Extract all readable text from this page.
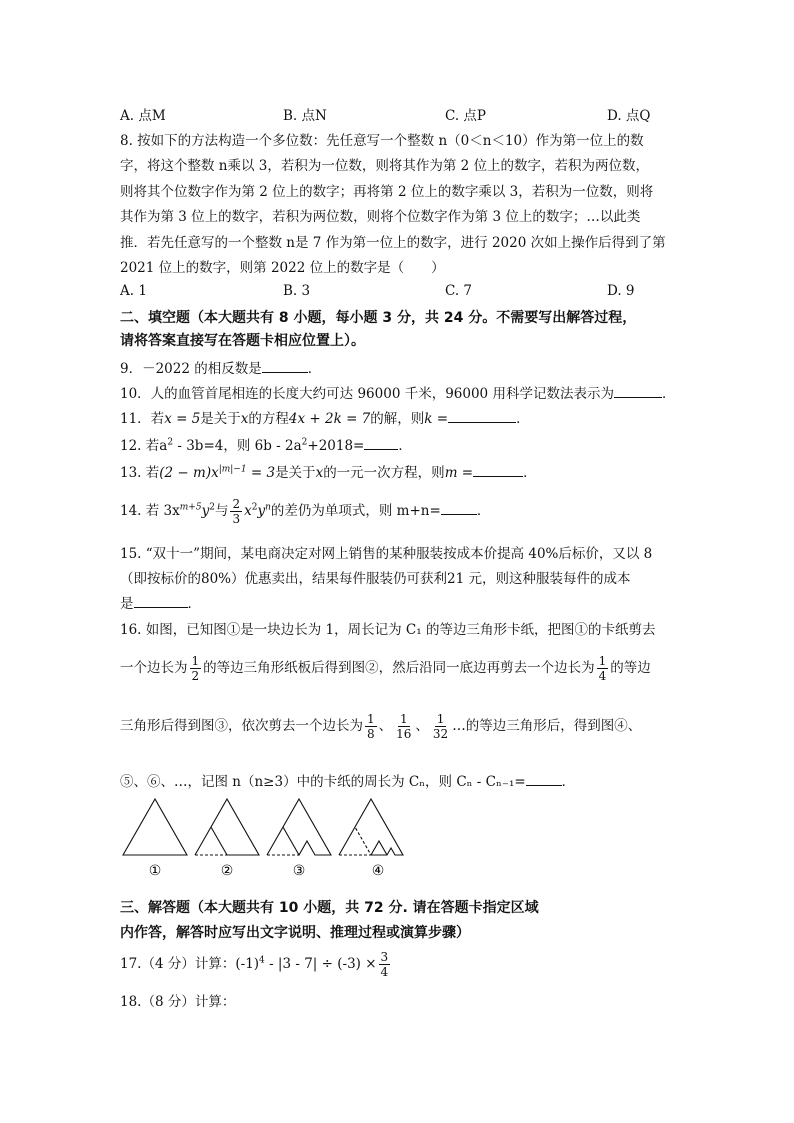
A. 点M	B. 点N	C. 点P	D. 点Q
8. 按如下的方法构造一个多位数：先任意写一个整数 n（0＜n＜10）作为第一位上的数
字，将这个整数 n乘以 3，若积为一位数，则将其作为第 2 位上的数字，若积为两位数，
则将其个位数字作为第 2 位上的数字；再将第 2 位上的数字乘以 3，若积为一位数，则将
其作为第 3 位上的数字，若积为两位数，则将个位数字作为第 3 位上的数字；…以此类
推．若先任意写的一个整数 n是 7 作为第一位上的数字，进行 2020 次如上操作后得到了第
2021 位上的数字，则第 2022 位上的数字是（　　）
A. 1	B. 3	C. 7	D. 9
二、填空题（本大题共有 8 小题，每小题 3 分，共 24 分。不需要写出解答过程，
请将答案直接写在答题卡相应位置上）。
9．－2022 的相反数是	．
10．人的血管首尾相连的长度大约可达 96000 千米，96000 用科学记数法表示为	．
11．若x = 5是关于x的方程4x + 2k = 7的解，则k =	．
12. 若$a^2 - 3b=4$，则 $6b - 2a^2+2018=$	．
13. 若$(2 - m)x^{|m|-1} = 3$是关于x的一元一次方程，则m =	．
14. 若 $3x^{m+5}y^2$与 $\frac{2}{3} x^2y^n$的差仍为单项式，则 m+n=	．
15. “双十一”期间，某电商决定对网上销售的某种服装按成本价提高 40%后标价，又以 8
（即按标价的80%）优惠卖出，结果每件服装仍可获利21 元，则这种服装每件的成本
是	．
16. 如图，已知图①是一块边长为 1，周长记为 C₁ 的等边三角形卡纸，把图①的卡纸剪去
一个边长为 $\frac{1}{2}$ 的等边三角形纸板后得到图②，然后沿同一底边再剪去一个边长为 $\frac{1}{4}$ 的等边
三角形后得到图③，依次剪去一个边长为 $\frac{1}{8}$ 、 $\frac{1}{16}$ 、 $\frac{1}{32}$ …的等边三角形后，得到图④、
⑤、⑥、…，记图 n（n≥3）中的卡纸的周长为 Cₙ，则 Cₙ - Cₙ₋₁=	．
①	②	③	④
三、解答题（本大题共有 10 小题，共 72 分. 请在答题卡指定区域
内作答，解答时应写出文字说明、推理过程或演算步骤）
17.（4 分）计算：$(-1)^4 - |3 - 7| \div (-3) \times \frac{3}{4}$
18.（8 分）计算：
